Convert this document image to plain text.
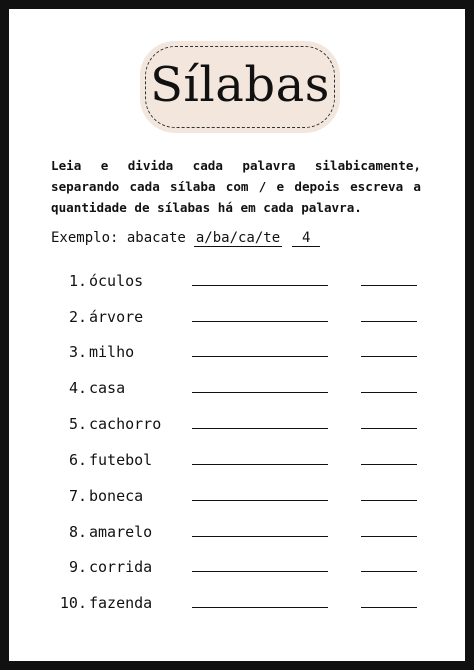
Sílabas
Leia e divida cada palavra silabicamente, separando cada sílaba com / e depois escreva a quantidade de sílabas há em cada palavra.
Exemplo: abacate a/ba/ca/te 4
1. óculos
2. árvore
3. milho
4. casa
5. cachorro
6. futebol
7. boneca
8. amarelo
9. corrida
10. fazenda
